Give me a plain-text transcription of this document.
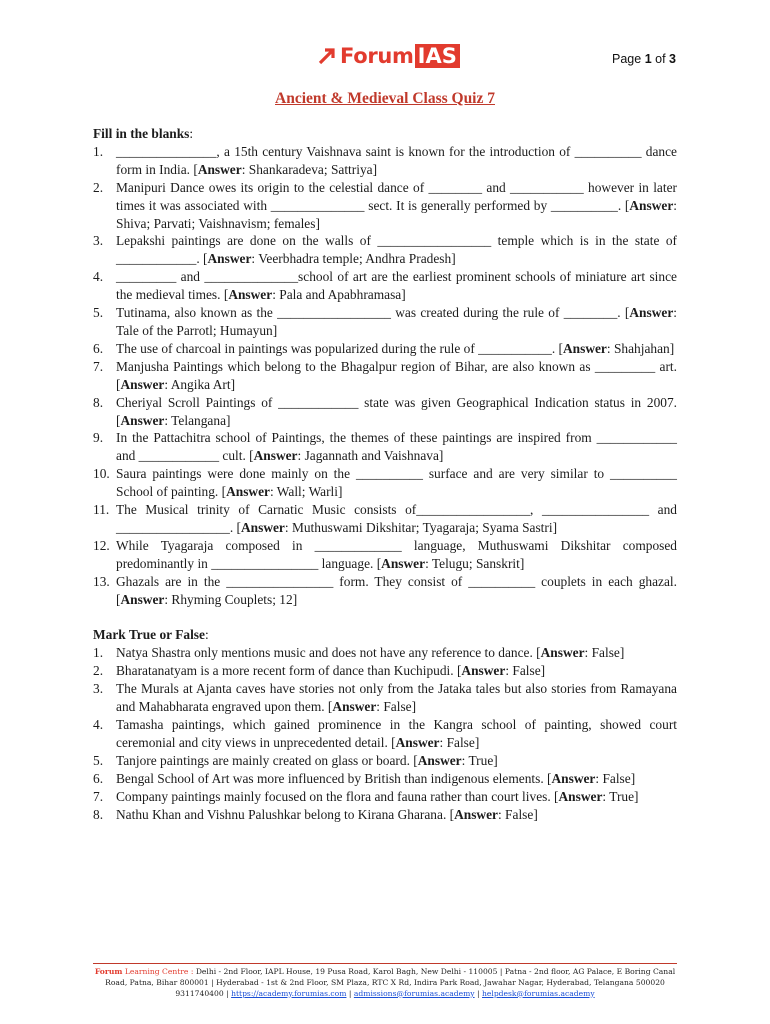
Forum IAS	Page 1 of 3
Ancient & Medieval Class Quiz 7

Fill in the blanks:

1. _______________, a 15th century Vaishnava saint is known for the introduction of __________ dance form in India. [Answer: Shankaradeva; Sattriya]
2. Manipuri Dance owes its origin to the celestial dance of ________ and ___________ however in later times it was associated with ______________ sect. It is generally performed by __________. [Answer: Shiva; Parvati; Vaishnavism; females]
3. Lepakshi paintings are done on the walls of _________________ temple which is in the state of ____________. [Answer: Veerbhadra temple; Andhra Pradesh]
4. _________ and ______________school of art are the earliest prominent schools of miniature art since the medieval times. [Answer: Pala and Apabhramasa]
5. Tutinama, also known as the _________________ was created during the rule of ________. [Answer: Tale of the Parrotl; Humayun]
6. The use of charcoal in paintings was popularized during the rule of ___________. [Answer: Shahjahan]
7. Manjusha Paintings which belong to the Bhagalpur region of Bihar, are also known as _________ art. [Answer: Angika Art]
8. Cheriyal Scroll Paintings of ____________ state was given Geographical Indication status in 2007. [Answer: Telangana]
9. In the Pattachitra school of Paintings, the themes of these paintings are inspired from ____________ and ____________ cult. [Answer: Jagannath and Vaishnava]
10. Saura paintings were done mainly on the __________ surface and are very similar to __________ School of painting. [Answer: Wall; Warli]
11. The Musical trinity of Carnatic Music consists of_________________, ________________ and _________________. [Answer: Muthuswami Dikshitar; Tyagaraja; Syama Sastri]
12. While Tyagaraja composed in _____________ language, Muthuswami Dikshitar composed predominantly in ________________ language. [Answer: Telugu; Sanskrit]
13. Ghazals are in the ________________ form. They consist of __________ couplets in each ghazal. [Answer: Rhyming Couplets; 12]

Mark True or False:

1. Natya Shastra only mentions music and does not have any reference to dance. [Answer: False]
2. Bharatanatyam is a more recent form of dance than Kuchipudi. [Answer: False]
3. The Murals at Ajanta caves have stories not only from the Jataka tales but also stories from Ramayana and Mahabharata engraved upon them. [Answer: False]
4. Tamasha paintings, which gained prominence in the Kangra school of painting, showed court ceremonial and city views in unprecedented detail. [Answer: False]
5. Tanjore paintings are mainly created on glass or board. [Answer: True]
6. Bengal School of Art was more influenced by British than indigenous elements. [Answer: False]
7. Company paintings mainly focused on the flora and fauna rather than court lives. [Answer: True]
8. Nathu Khan and Vishnu Palushkar belong to Kirana Gharana. [Answer: False]
Forum Learning Centre : Delhi - 2nd Floor, IAPL House, 19 Pusa Road, Karol Bagh, New Delhi - 110005 | Patna - 2nd floor, AG Palace, E Boring Canal
Road, Patna, Bihar 800001 | Hyderabad - 1st & 2nd Floor, SM Plaza, RTC X Rd, Indira Park Road, Jawahar Nagar, Hyderabad, Telangana 500020
9311740400 | https://academy.forumias.com | admissions@forumias.academy | helpdesk@forumias.academy
